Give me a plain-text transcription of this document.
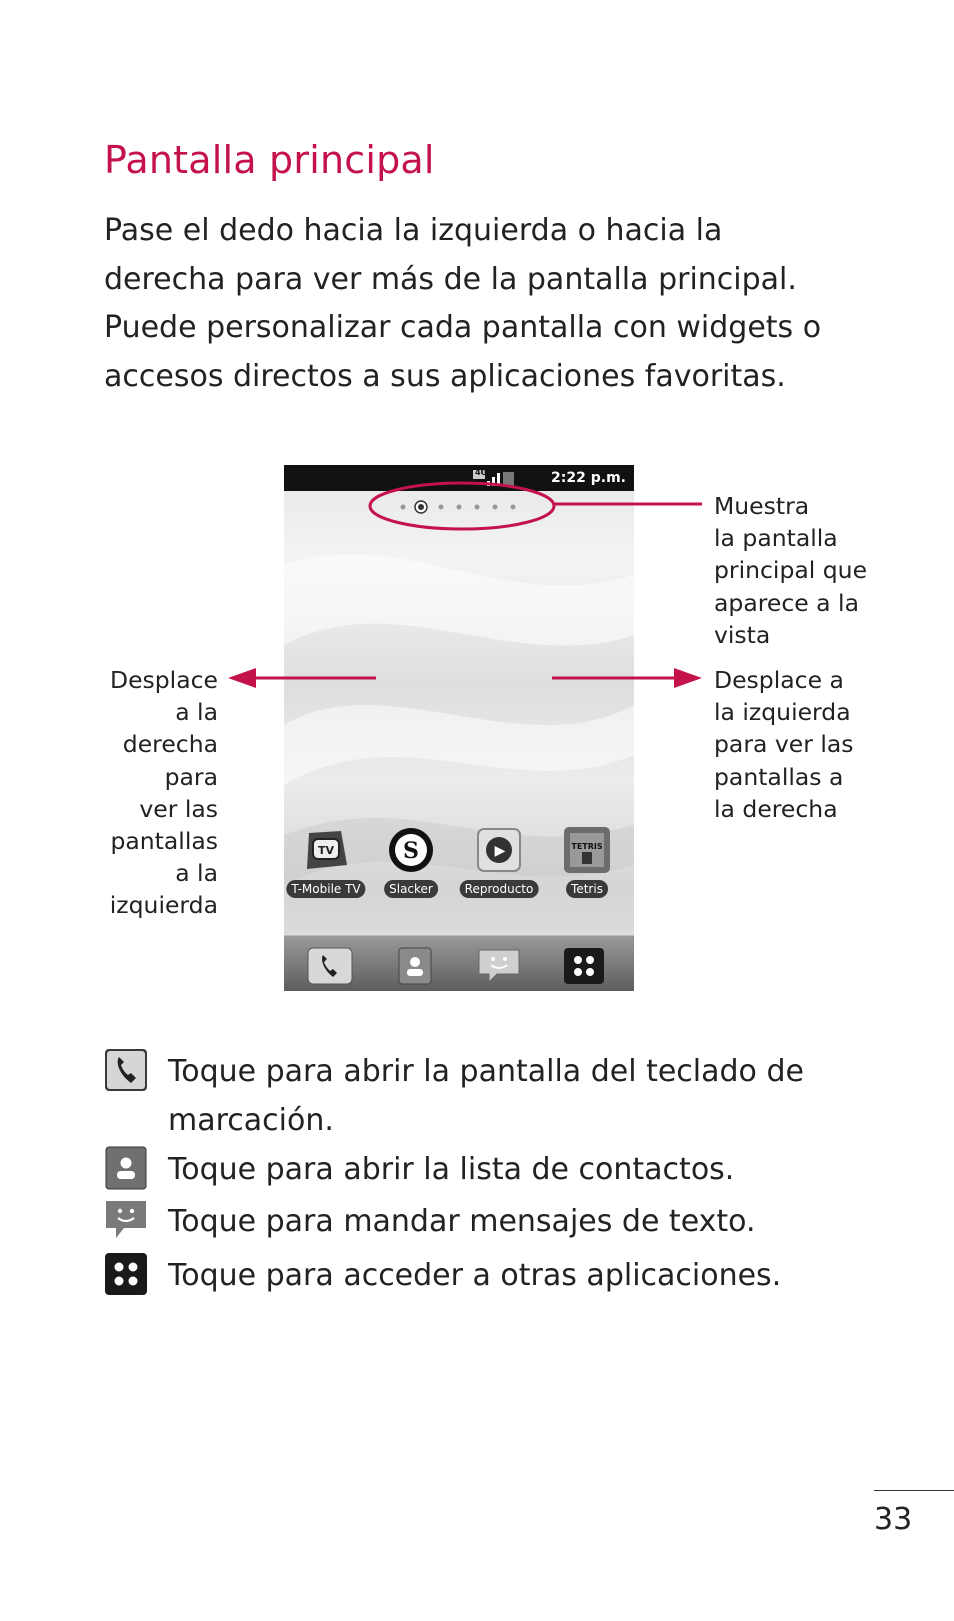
Pantalla principal

Pase el dedo hacia la izquierda o hacia la
derecha para ver más de la pantalla principal.
Puede personalizar cada pantalla con widgets o
accesos directos a sus aplicaciones favoritas.

4G	2:22 p.m.
TV
T-Mobile TV
S
Slacker
▶
Reproducto
TETRIS
Tetris

Muestra
la pantalla
principal que
aparece a la
vista

Desplace a
la izquierda
para ver las
pantallas a
la derecha

Desplace
a la
derecha
para
ver las
pantallas
a la
izquierda

Toque para abrir la pantalla del teclado de
marcación.
Toque para abrir la lista de contactos.
Toque para mandar mensajes de texto.
Toque para acceder a otras aplicaciones.
33
